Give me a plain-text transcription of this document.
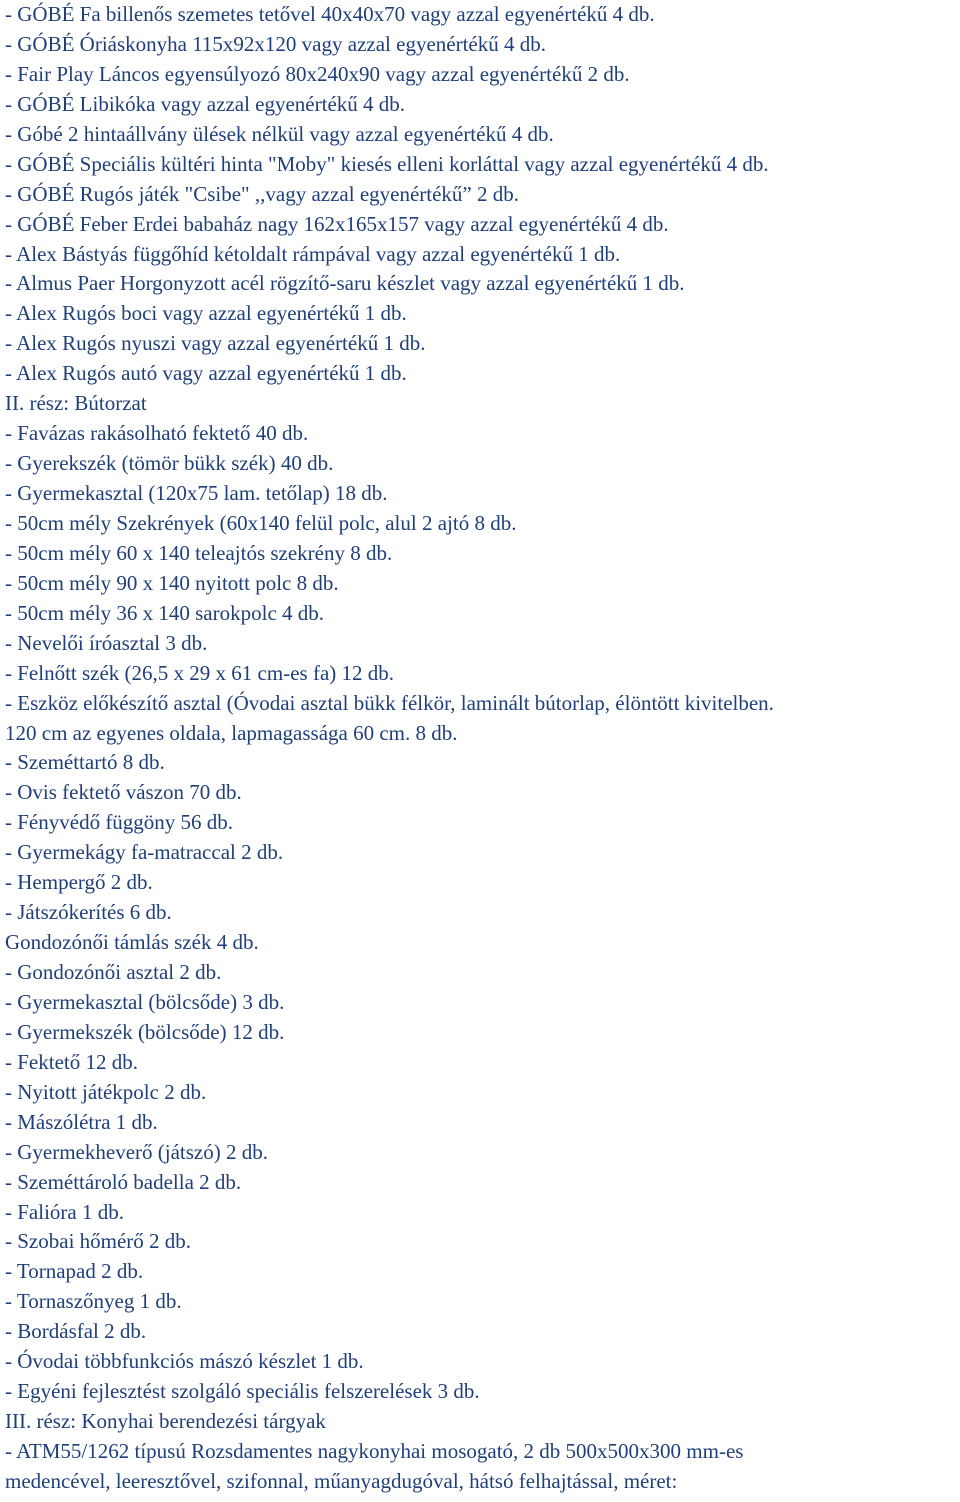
- GÓBÉ Fa billenős szemetes tetővel 40x40x70 vagy azzal egyenértékű 4 db.

- GÓBÉ Óriáskonyha 115x92x120 vagy azzal egyenértékű 4 db.

- Fair Play Láncos egyensúlyozó 80x240x90 vagy azzal egyenértékű 2 db.

- GÓBÉ Libikóka vagy azzal egyenértékű 4 db.

- Góbé 2 hintaállvány ülések nélkül vagy azzal egyenértékű 4 db.

- GÓBÉ Speciális kültéri hinta "Moby" kiesés elleni korláttal vagy azzal egyenértékű 4 db.

- GÓBÉ Rugós játék "Csibe" ,,vagy azzal egyenértékű” 2 db.

- GÓBÉ Feber Erdei babaház nagy 162x165x157 vagy azzal egyenértékű 4 db.

- Alex Bástyás függőhíd kétoldalt rámpával vagy azzal egyenértékű 1 db.

- Almus Paer Horgonyzott acél rögzítő-saru készlet vagy azzal egyenértékű 1 db.

- Alex Rugós boci vagy azzal egyenértékű 1 db.

- Alex Rugós nyuszi vagy azzal egyenértékű 1 db.

- Alex Rugós autó vagy azzal egyenértékű 1 db.

II. rész: Bútorzat

- Favázas rakásolható fektető 40 db.

- Gyerekszék (tömör bükk szék) 40 db.

- Gyermekasztal (120x75 lam. tetőlap) 18 db.

- 50cm mély Szekrények (60x140 felül polc, alul 2 ajtó 8 db.

- 50cm mély 60 x 140 teleajtós szekrény 8 db.

- 50cm mély 90 x 140 nyitott polc 8 db.

- 50cm mély 36 x 140 sarokpolc 4 db.

- Nevelői íróasztal 3 db.

- Felnőtt szék (26,5 x 29 x 61 cm-es fa) 12 db.

- Eszköz előkészítő asztal (Óvodai asztal bükk félkör, laminált bútorlap, élöntött kivitelben.

120 cm az egyenes oldala, lapmagassága 60 cm. 8 db.

- Szeméttartó 8 db.

- Ovis fektető vászon 70 db.

- Fényvédő függöny 56 db.

- Gyermekágy fa-matraccal 2 db.

- Hempergő 2 db.

- Játszókerítés 6 db.

Gondozónői támlás szék 4 db.

- Gondozónői asztal 2 db.

- Gyermekasztal (bölcsőde) 3 db.

- Gyermekszék (bölcsőde) 12 db.

- Fektető 12 db.

- Nyitott játékpolc 2 db.

- Mászólétra 1 db.

- Gyermekheverő (játszó) 2 db.

- Szeméttároló badella 2 db.

- Falióra 1 db.

- Szobai hőmérő 2 db.

- Tornapad 2 db.

- Tornaszőnyeg 1 db.

- Bordásfal 2 db.

- Óvodai többfunkciós mászó készlet 1 db.

- Egyéni fejlesztést szolgáló speciális felszerelések 3 db.

III. rész: Konyhai berendezési tárgyak

- ATM55/1262 típusú Rozsdamentes nagykonyhai mosogató, 2 db 500x500x300 mm-es

medencével, leeresztővel, szifonnal, műanyagdugóval, hátsó felhajtással, méret:
